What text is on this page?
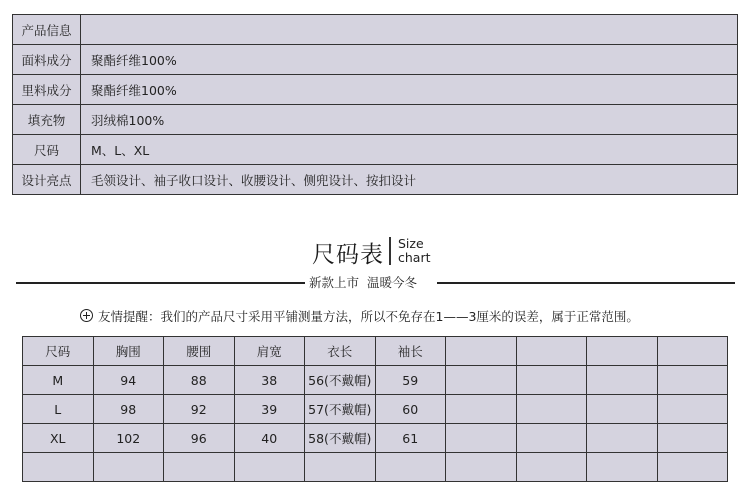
产品信息	
面料成分	聚酯纤维100%
里料成分	聚酯纤维100%
填充物	羽绒棉100%
尺码	M、L、XL
设计亮点	毛领设计、袖子收口设计、收腰设计、侧兜设计、按扣设计
尺码表 Size
chart
新款上市 温暖今冬
友情提醒：我们的产品尺寸采用平铺测量方法，所以不免存在1——3厘米的误差，属于正常范围。
尺码	胸围	腰围	肩宽	衣长	袖长				
M	94	88	38	56(不戴帽)	59				
L	98	92	39	57(不戴帽)	60				
XL	102	96	40	58(不戴帽)	61				
